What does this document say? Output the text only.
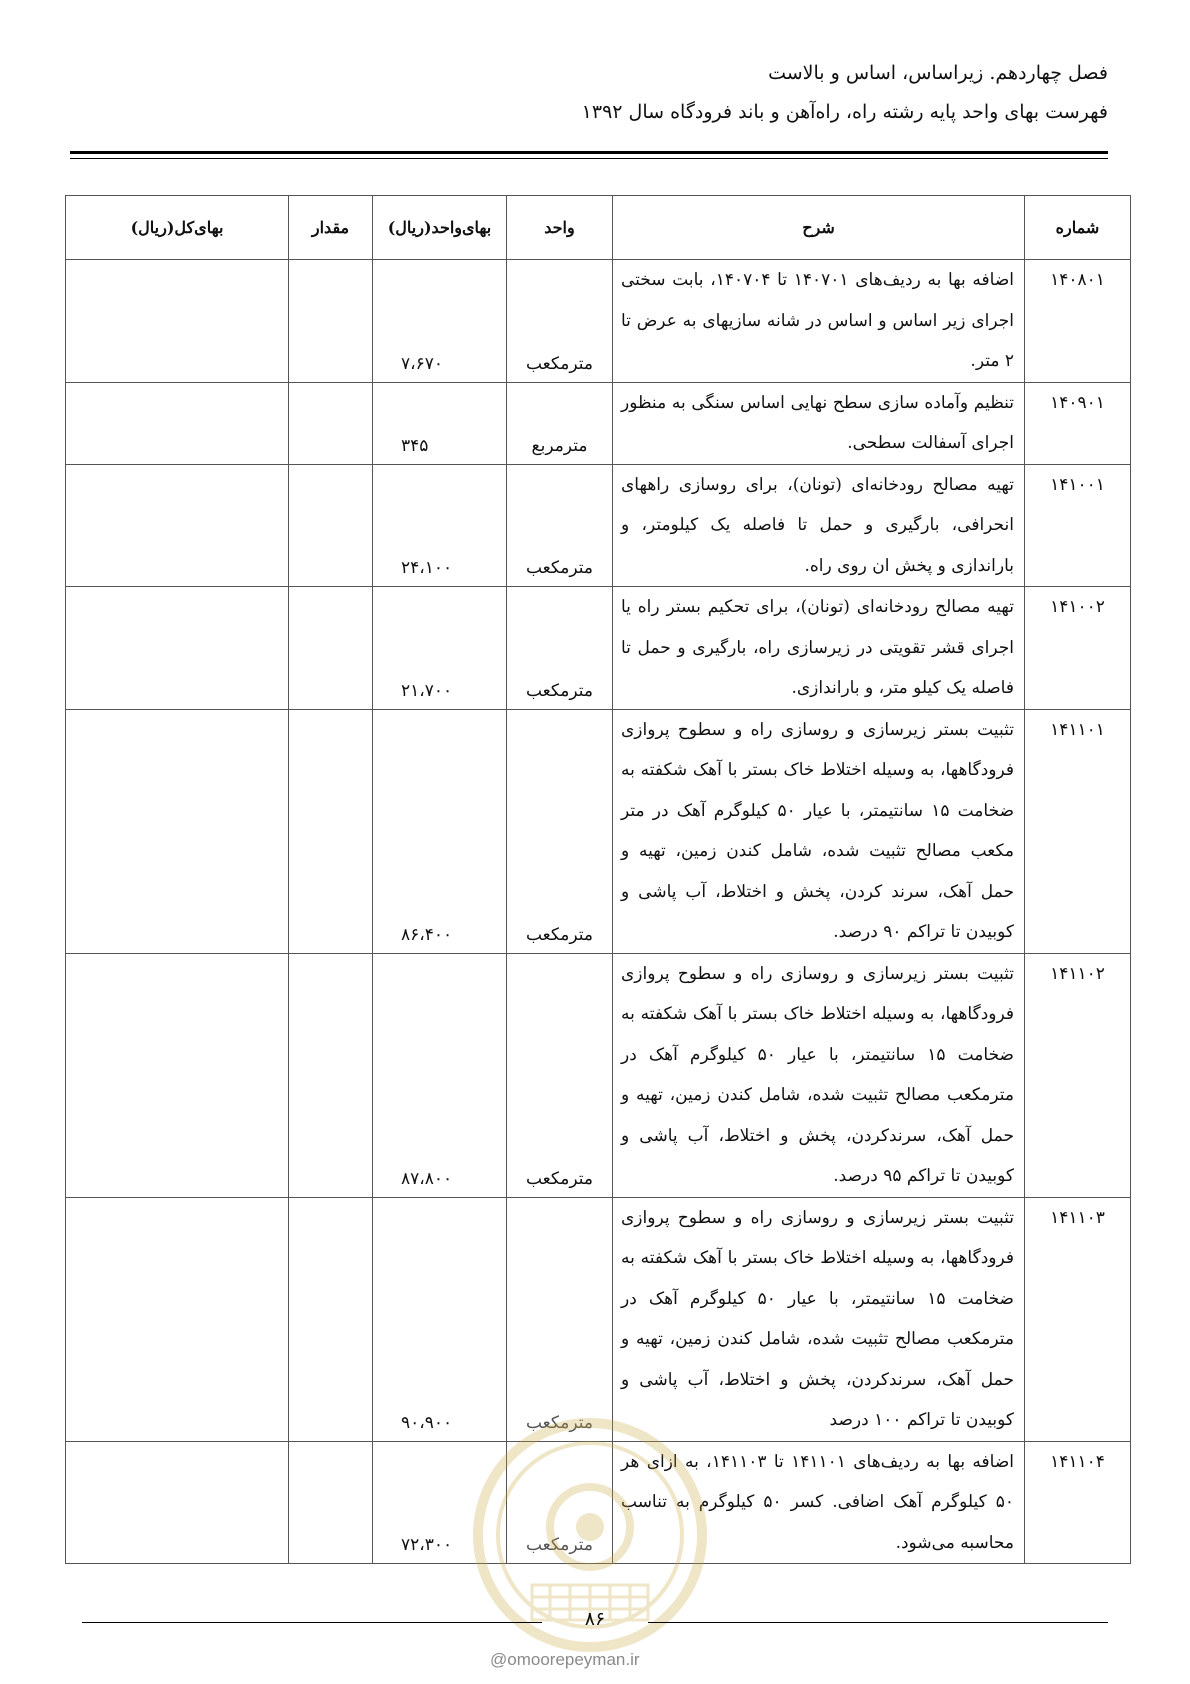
فصل چهاردهم. زیراساس، اساس و بالاست
فهرست بهای واحد پایه رشته راه، راه‌آهن و باند فرودگاه سال ۱۳۹۲
شماره	شرح	واحد	بهای‌واحد(ریال)	مقدار	بهای‌کل(ریال)
۱۴۰۸۰۱	اضافه بها به ردیف‌های ۱۴۰۷۰۱ تا ۱۴۰۷۰۴، بابت سختی اجرای زیر اساس و اساس در شانه سازیهای به عرض تا ۲ متر.	مترمکعب	۷،۶۷۰		
۱۴۰۹۰۱	تنظیم وآماده سازی سطح نهایی اساس سنگی به منظور اجرای آسفالت سطحی.	مترمربع	۳۴۵		
۱۴۱۰۰۱	تهیه مصالح رودخانه‌ای (تونان)، برای روسازی راههای انحرافی، بارگیری و حمل تا فاصله یک کیلومتر، و باراندازی و پخش ان روی راه.	مترمکعب	۲۴،۱۰۰		
۱۴۱۰۰۲	تهیه مصالح رودخانه‌ای (تونان)، برای تحکیم بستر راه یا اجرای قشر تقویتی در زیرسازی راه، بارگیری و حمل تا فاصله یک کیلو متر، و باراندازی.	مترمکعب	۲۱،۷۰۰		
۱۴۱۱۰۱	تثبیت بستر زیرسازی و روسازی راه و سطوح پروازی فرودگاهها، به وسیله اختلاط خاک بستر با آهک شکفته به ضخامت ۱۵ سانتیمتر، با عیار ۵۰ کیلوگرم آهک در متر مکعب مصالح تثبیت شده، شامل کندن زمین، تهیه و حمل آهک، سرند کردن، پخش و اختلاط، آب پاشی و کوبیدن تا تراکم ۹۰ درصد.	مترمکعب	۸۶،۴۰۰		
۱۴۱۱۰۲	تثبیت بستر زیرسازی و روسازی راه و سطوح پروازی فرودگاهها، به وسیله اختلاط خاک بستر با آهک شکفته به ضخامت ۱۵ سانتیمتر، با عیار ۵۰ کیلوگرم آهک در مترمکعب مصالح تثبیت شده، شامل کندن زمین، تهیه و حمل آهک، سرندکردن، پخش و اختلاط، آب پاشی و کوبیدن تا تراکم ۹۵ درصد.	مترمکعب	۸۷،۸۰۰		
۱۴۱۱۰۳	تثبیت بستر زیرسازی و روسازی راه و سطوح پروازی فرودگاهها، به وسیله اختلاط خاک بستر با آهک شکفته به ضخامت ۱۵ سانتیمتر، با عیار ۵۰ کیلوگرم آهک در مترمکعب مصالح تثبیت شده، شامل کندن زمین، تهیه و حمل آهک، سرندکردن، پخش و اختلاط، آب پاشی و کوبیدن تا تراکم ۱۰۰ درصد	مترمکعب	۹۰،۹۰۰		
۱۴۱۱۰۴	اضافه بها به ردیف‌های ۱۴۱۱۰۱ تا ۱۴۱۱۰۳، به ازای هر ۵۰ کیلوگرم آهک اضافی. کسر ۵۰ کیلوگرم به تناسب محاسبه می‌شود.	مترمکعب	۷۲،۳۰۰		
۸۶
@omoorepeyman.ir
